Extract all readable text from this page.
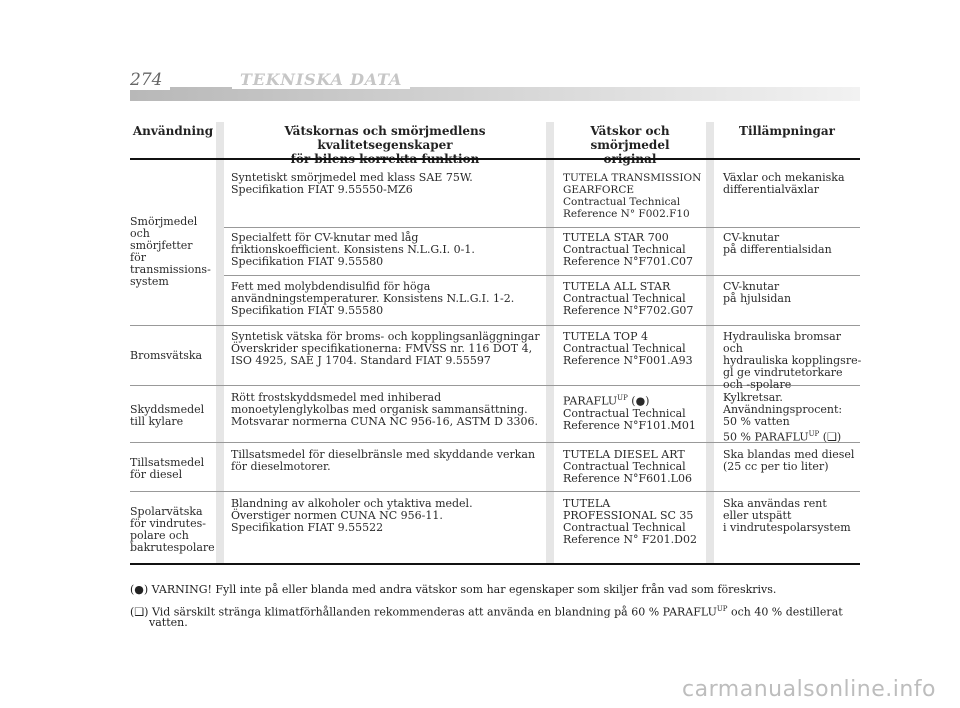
274	TEKNISKA DATA
Användning	Vätskornas och smörjmedlens kvalitetsegenskaper
för bilens korrekta funktion
Vätskor och smörjmedel
original
Tillämpningar
Smörjmedel
och smörjfetter
för
transmissions-
system
Bromsvätska
Skyddsmedel
till kylare
Tillsatsmedel
för diesel
Spolarvätska
för vindrutes-
polare och
bakrutespolare
Syntetiskt smörjmedel med klass SAE 75W.
Specifikation FIAT 9.55550-MZ6
TUTELA TRANSMISSION
GEARFORCE
Contractual Technical
Reference N° F002.F10
Växlar och mekaniska
differentialväxlar
Specialfett för CV-knutar med låg
friktionskoefficient. Konsistens N.L.G.I. 0-1.
Specifikation FIAT 9.55580
TUTELA STAR 700
Contractual Technical
Reference N°F701.C07
CV-knutar
på differentialsidan
Fett med molybdendisulfid för höga
användningstemperaturer. Konsistens N.L.G.I. 1-2.
Specifikation FIAT 9.55580
TUTELA ALL STAR
Contractual Technical
Reference N°F702.G07
CV-knutar
på hjulsidan
Syntetisk vätska för broms- och kopplingsanläggningar
Överskrider specifikationerna: FMVSS nr. 116 DOT 4,
ISO 4925, SAE J 1704. Standard FIAT 9.55597
TUTELA TOP 4
Contractual Technical
Reference N°F001.A93
Hydrauliska bromsar och
hydrauliska kopplingsre-
gl ge vindrutetorkare
och -spolare
Rött frostskyddsmedel med inhiberad
monoetylenglykolbas med organisk sammansättning.
Motsvarar normerna CUNA NC 956-16, ASTM D 3306.
$PARAFLU^{UP}$ (●)
Contractual Technical
Reference N°F101.M01
Kylkretsar.
Användningsprocent:
50 % vatten
50 % $PARAFLU^{UP}$ (❑)
Tillsatsmedel för dieselbränsle med skyddande verkan
för dieselmotorer.
TUTELA DIESEL ART
Contractual Technical
Reference N°F601.L06
Ska blandas med diesel
(25 cc per tio liter)
Blandning av alkoholer och ytaktiva medel.
Överstiger normen CUNA NC 956-11.
Specifikation FIAT 9.55522
TUTELA
PROFESSIONAL SC 35
Contractual Technical
Reference N° F201.D02
Ska användas rent
eller utspätt
i vindrutespolarsystem
(●) VARNING! Fyll inte på eller blanda med andra vätskor som har egenskaper som skiljer från vad som föreskrivs.
(❑) Vid särskilt stränga klimatförhållanden rekommenderas att använda en blandning på 60 % $PARAFLU^{UP}$ och 40 % destillerat
vatten.
carmanualsonline.info
